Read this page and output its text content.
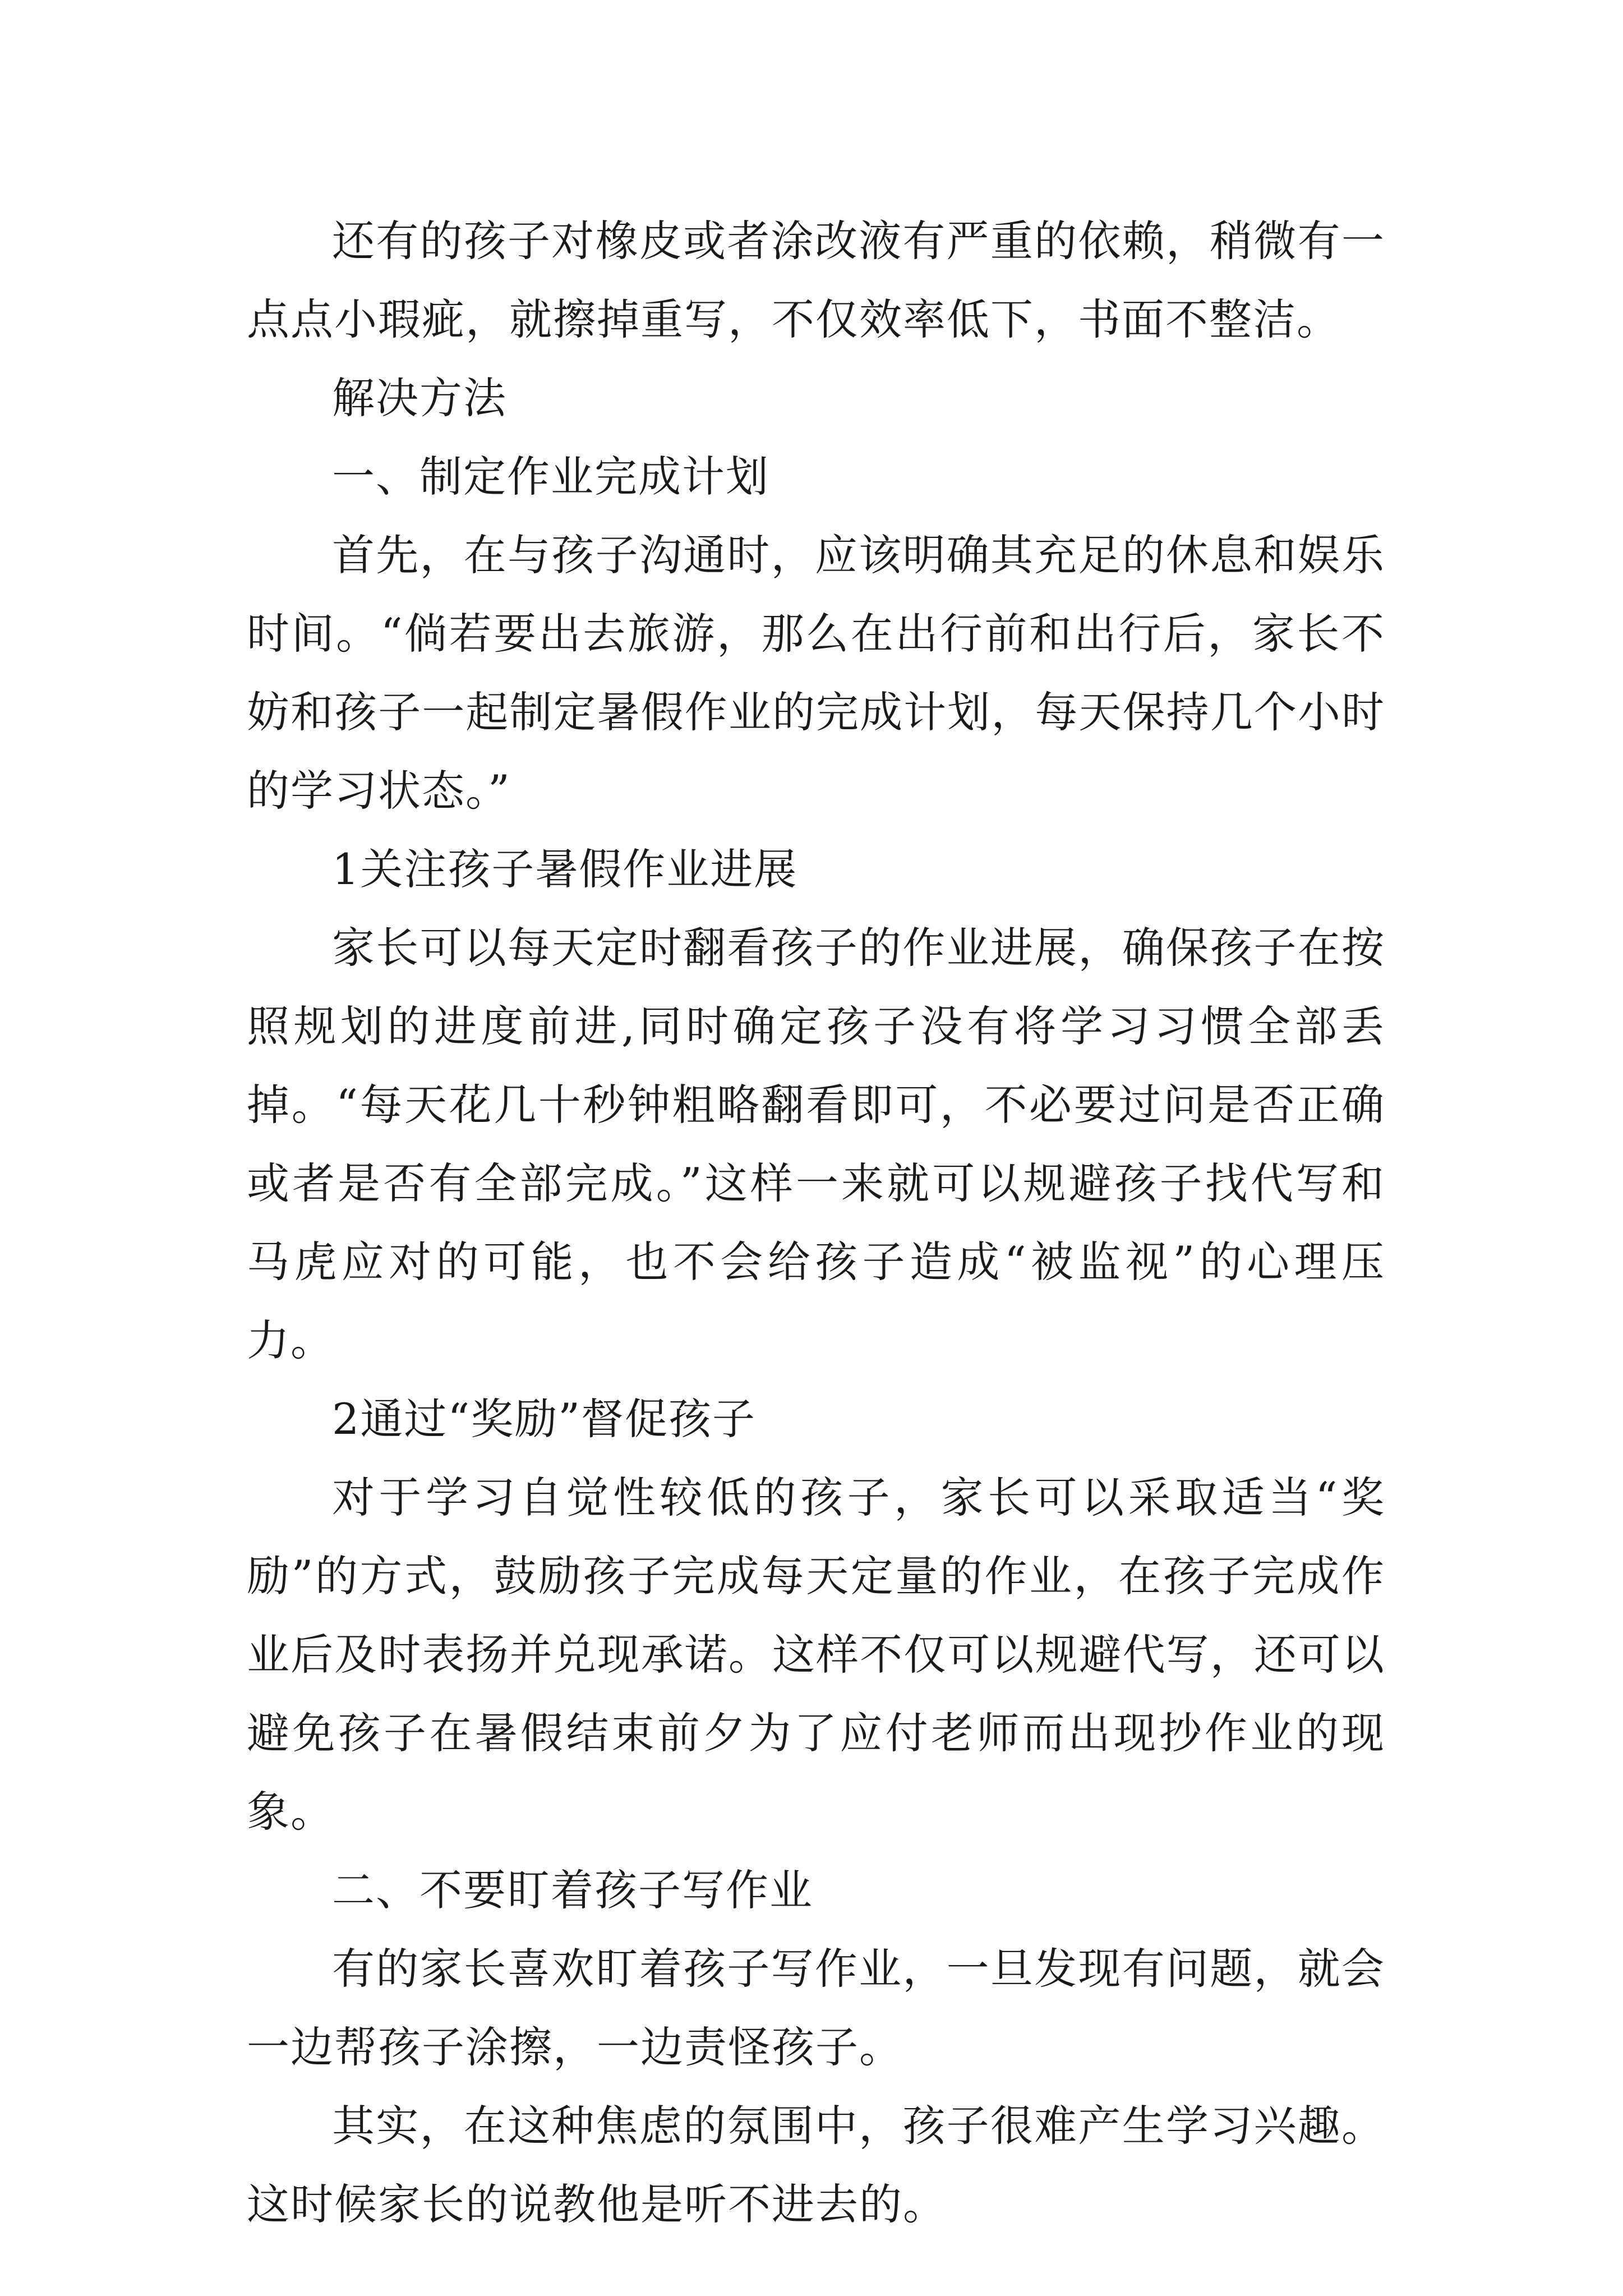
还有的孩子对橡皮或者涂改液有严重的依赖，稍微有一点点小瑕疵，就擦掉重写，不仅效率低下，书面不整洁。

解决方法

一、制定作业完成计划

首先，在与孩子沟通时，应该明确其充足的休息和娱乐时间。“倘若要出去旅游，那么在出行前和出行后，家长不妨和孩子一起制定暑假作业的完成计划，每天保持几个小时的学习状态。”

1关注孩子暑假作业进展

家长可以每天定时翻看孩子的作业进展，确保孩子在按照规划的进度前进,同时确定孩子没有将学习习惯全部丢掉。“每天花几十秒钟粗略翻看即可，不必要过问是否正确或者是否有全部完成。”这样一来就可以规避孩子找代写和马虎应对的可能，也不会给孩子造成“被监视”的心理压力。

2通过“奖励”督促孩子

对于学习自觉性较低的孩子，家长可以采取适当“奖励”的方式，鼓励孩子完成每天定量的作业，在孩子完成作业后及时表扬并兑现承诺。这样不仅可以规避代写，还可以避免孩子在暑假结束前夕为了应付老师而出现抄作业的现象。

二、不要盯着孩子写作业

有的家长喜欢盯着孩子写作业，一旦发现有问题，就会一边帮孩子涂擦，一边责怪孩子。

其实，在这种焦虑的氛围中，孩子很难产生学习兴趣。这时候家长的说教他是听不进去的。
